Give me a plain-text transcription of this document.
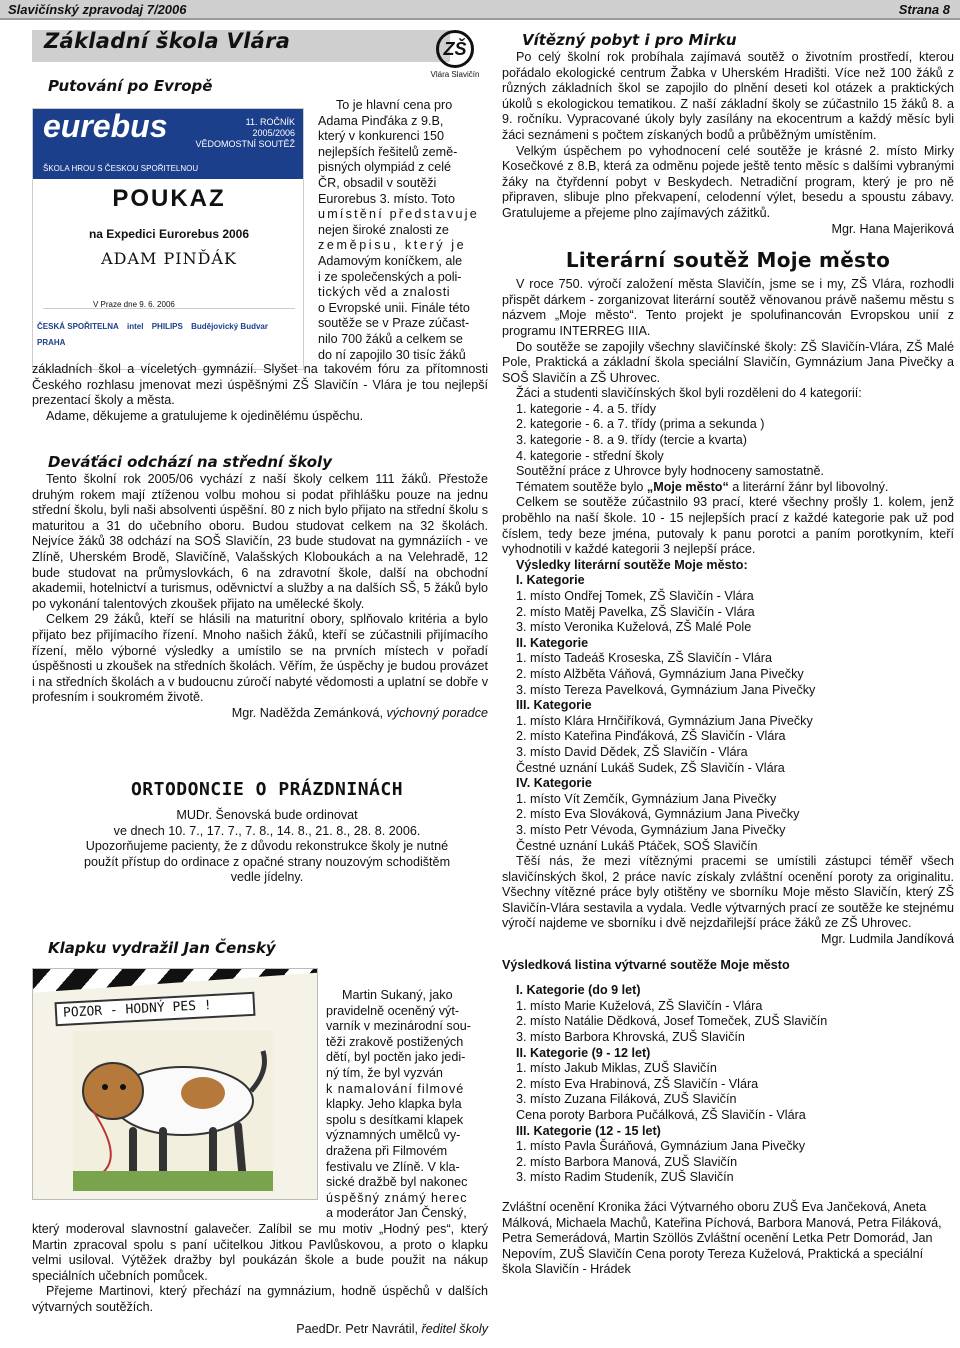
Slavičínský zpravodaj 7/2006	Strana 8
Základní škola Vlára	ZŠ
Vlára Slavičín
Putování po Evropě
eurebus
ŠKOLA HROU S ČESKOU SPOŘITELNOU
11. ROČNÍK
2005/2006
VĚDOMOSTNÍ SOUTĚŽ
POUKAZ
na Expedici Eurorebus 2006
ADAM PINĎÁK
V Praze dne 9. 6. 2006
ČESKÁ SPOŘITELNA intel PHILIPS Budějovický Budvar PRAHA
To je hlavní cena pro
Adama Pinďáka z 9.B,
který v konkurenci 150
nejlepších řešitelů země-
pisných olympiád z celé
ČR, obsadil v soutěži
Eurorebus 3. místo. Toto
umístění představuje
nejen široké znalosti ze
zeměpisu, který je
Adamovým koníčkem, ale
i ze společenských a poli-
tických věd a znalosti
o Evropské unii. Finále této
soutěže se v Praze zúčast-
nilo 700 žáků a celkem se
do ní zapojilo 30 tisíc žáků
základních škol a víceletých gymnázií. Slyšet na takovém fóru za přítomnosti Českého rozhlasu jmenovat mezi úspěšnými ZŠ Slavičín - Vlára je tou nejlepší prezentací školy a města.
Adame, děkujeme a gratulujeme k ojedinělému úspěchu.
Deváťáci odchází na střední školy
Tento školní rok 2005/06 vychází z naší školy celkem 111 žáků. Přestože druhým rokem mají ztíženou volbu mohou si podat přihlášku pouze na jednu střední školu, byli naši absolventi úspěšní. 80 z nich bylo přijato na střední školu s maturitou a 31 do učebního oboru. Budou studovat celkem na 32 školách. Nejvíce žáků 38 odchází na SOŠ Slavičín, 23 bude studovat na gymnáziích - ve Zlíně, Uherském Brodě, Slavičíně, Valašských Kloboukách a na Velehradě, 12 bude studovat na průmyslovkách, 6 na zdravotní škole, další na obchodní akademii, hotelnictví a turismus, oděvnictví a služby a na dalších SŠ, 5 žáků bylo po vykonání talentových zkoušek přijato na umělecké školy.
Celkem 29 žáků, kteří se hlásili na maturitní obory, splňovalo kritéria a bylo přijato bez přijímacího řízení. Mnoho našich žáků, kteří se zúčastnili přijímacího řízení, mělo výborné výsledky a umístilo se na prvních místech v pořadí úspěšnosti u zkoušek na středních školách. Věřím, že úspěchy je budou provázet i na středních školách a v budoucnu zúročí nabyté vědomosti a uplatní se dobře v profesním i soukromém životě.
Mgr. Naděžda Zemánková, výchovný poradce
ORTODONCIE O PRÁZDNINÁCH
MUDr. Šenovská bude ordinovat
ve dnech 10. 7., 17. 7., 7. 8., 14. 8., 21. 8., 28. 8. 2006.
Upozorňujeme pacienty, že z důvodu rekonstrukce školy je nutné použít přístup do ordinace z opačné strany nouzovým schodištěm vedle jídelny.
Klapku vydražil Jan Čenský
POZOR - HODNÝ PES !
Martin Sukaný, jako
pravidelně oceněný výt-
varník v mezinárodní sou-
těži zrakově postižených
dětí, byl poctěn jako jedi-
ný tím, že byl vyzván
k namalování filmové
klapky. Jeho klapka byla
spolu s desítkami klapek
významných umělců vy-
dražena při Filmovém
festivalu ve Zlíně. V kla-
sické dražbě byl nakonec
úspěšný známý herec
a moderátor Jan Čenský,
který moderoval slavnostní galavečer. Zalíbil se mu motiv „Hodný pes“, který Martin zpracoval spolu s paní učitelkou Jitkou Pavlůskovou, a proto o klapku velmi usiloval. Výtěžek dražby byl poukázán škole a bude použit na nákup speciálních učebních pomůcek.
Přejeme Martinovi, který přechází na gymnázium, hodně úspěchů v dalších výtvarných soutěžích.
PaedDr. Petr Navrátil, ředitel školy
Vítězný pobyt i pro Mirku
Po celý školní rok probíhala zajímavá soutěž o životním prostředí, kterou pořádalo ekologické centrum Žabka v Uherském Hradišti. Více než 100 žáků z různých základních škol se zapojilo do plnění deseti kol otázek a praktických úkolů s ekologickou tematikou. Z naší základní školy se zúčastnilo 15 žáků 8. a 9. ročníku. Vypracované úkoly byly zasílány na ekocentrum a každý měsíc byli žáci seznámeni s počtem získaných bodů a průběžným umístěním.
Velkým úspěchem po vyhodnocení celé soutěže je krásné 2. místo Mirky Kosečkové z 8.B, která za odměnu pojede ještě tento měsíc s dalšími vybranými žáky na čtyřdenní pobyt v Beskydech. Netradiční program, který je pro ně připraven, slibuje plno překvapení, celodenní výlet, besedu a spoustu zábavy. Gratulujeme a přejeme plno zajímavých zážitků.
Mgr. Hana Majeriková
Literární soutěž Moje město
V roce 750. výročí založení města Slavičín, jsme se i my, ZŠ Vlára, rozhodli přispět dárkem - zorganizovat literární soutěž věnovanou právě našemu městu s názvem „Moje město“. Tento projekt je spolufinancován Evropskou unií z programu INTERREG IIIA.
Do soutěže se zapojily všechny slavičínské školy: ZŠ Slavičín-Vlára, ZŠ Malé Pole, Praktická a základní škola speciální Slavičín, Gymnázium Jana Pivečky a SOŠ Slavičín a ZŠ Uhrovec.
Žáci a studenti slavičínských škol byli rozděleni do 4 kategorií:
1. kategorie - 4. a 5. třídy
2. kategorie - 6. a 7. třídy (prima a sekunda )
3. kategorie - 8. a 9. třídy (tercie a kvarta)
4. kategorie - střední školy
Soutěžní práce z Uhrovce byly hodnoceny samostatně.
Tématem soutěže bylo „Moje město“ a literární žánr byl libovolný.
Celkem se soutěže zúčastnilo 93 prací, které všechny prošly 1. kolem, jenž proběhlo na naší škole. 10 - 15 nejlepších prací z každé kategorie pak už pod číslem, tedy beze jména, putovaly k panu porotci a paním porotkyním, kteří vyhodnotili v každé kategorii 3 nejlepší práce.
Výsledky literární soutěže Moje město:
I. Kategorie
1. místo Ondřej Tomek, ZŠ Slavičín - Vlára
2. místo Matěj Pavelka, ZŠ Slavičín - Vlára
3. místo Veronika Kuželová, ZŠ Malé Pole
II. Kategorie
1. místo Tadeáš Kroseska, ZŠ Slavičín - Vlára
2. místo Alžběta Váňová, Gymnázium Jana Pivečky
3. místo Tereza Pavelková, Gymnázium Jana Pivečky
III. Kategorie
1. místo Klára Hrnčiříková, Gymnázium Jana Pivečky
2. místo Kateřina Pinďáková, ZŠ Slavičín - Vlára
3. místo David Dědek, ZŠ Slavičín - Vlára
Čestné uznání Lukáš Sudek, ZŠ Slavičín - Vlára
IV. Kategorie
1. místo Vít Zemčík, Gymnázium Jana Pivečky
2. místo Eva Slováková, Gymnázium Jana Pivečky
3. místo Petr Vévoda, Gymnázium Jana Pivečky
Čestné uznání Lukáš Ptáček, SOŠ Slavičín
Těší nás, že mezi vítěznými pracemi se umístili zástupci téměř všech slavičínských škol, 2 práce navíc získaly zvláštní ocenění poroty za originalitu. Všechny vítězné práce byly otištěny ve sborníku Moje město Slavičín, který ZŠ Slavičín-Vlára sestavila a vydala. Vedle výtvarných prací ze soutěže ke stejnému výročí najdeme ve sborníku i dvě nejzdařilejší práce žáků ze ZŠ Uhrovec.
Mgr. Ludmila Jandíková
Výsledková listina výtvarné soutěže Moje město
I. Kategorie (do 9 let)
1. místo Marie Kuželová, ZŠ Slavičín - Vlára
2. místo Natálie Dědková, Josef Tomeček, ZUŠ Slavičín
3. místo Barbora Khrovská, ZUŠ Slavičín
II. Kategorie (9 - 12 let)
1. místo Jakub Miklas, ZUŠ Slavičín
2. místo Eva Hrabinová, ZŠ Slavičín - Vlára
3. místo Zuzana Filáková, ZUŠ Slavičín
Cena poroty Barbora Pučálková, ZŠ Slavičín - Vlára
III. Kategorie (12 - 15 let)
1. místo Pavla Šuráňová, Gymnázium Jana Pivečky
2. místo Barbora Manová, ZUŠ Slavičín
3. místo Radim Studeník, ZUŠ Slavičín
Zvláštní ocenění Kronika žáci Výtvarného oboru ZUŠ Eva Jančeková, Aneta Málková, Michaela Machů, Kateřina Píchová, Barbora Manová, Petra Filáková, Petra Semerádová, Martin Szöllös Zvláštní ocenění Letka Petr Domorád, Jan Nepovím, ZUŠ Slavičín Cena poroty Tereza Kuželová, Praktická a speciální škola Slavičín - Hrádek
